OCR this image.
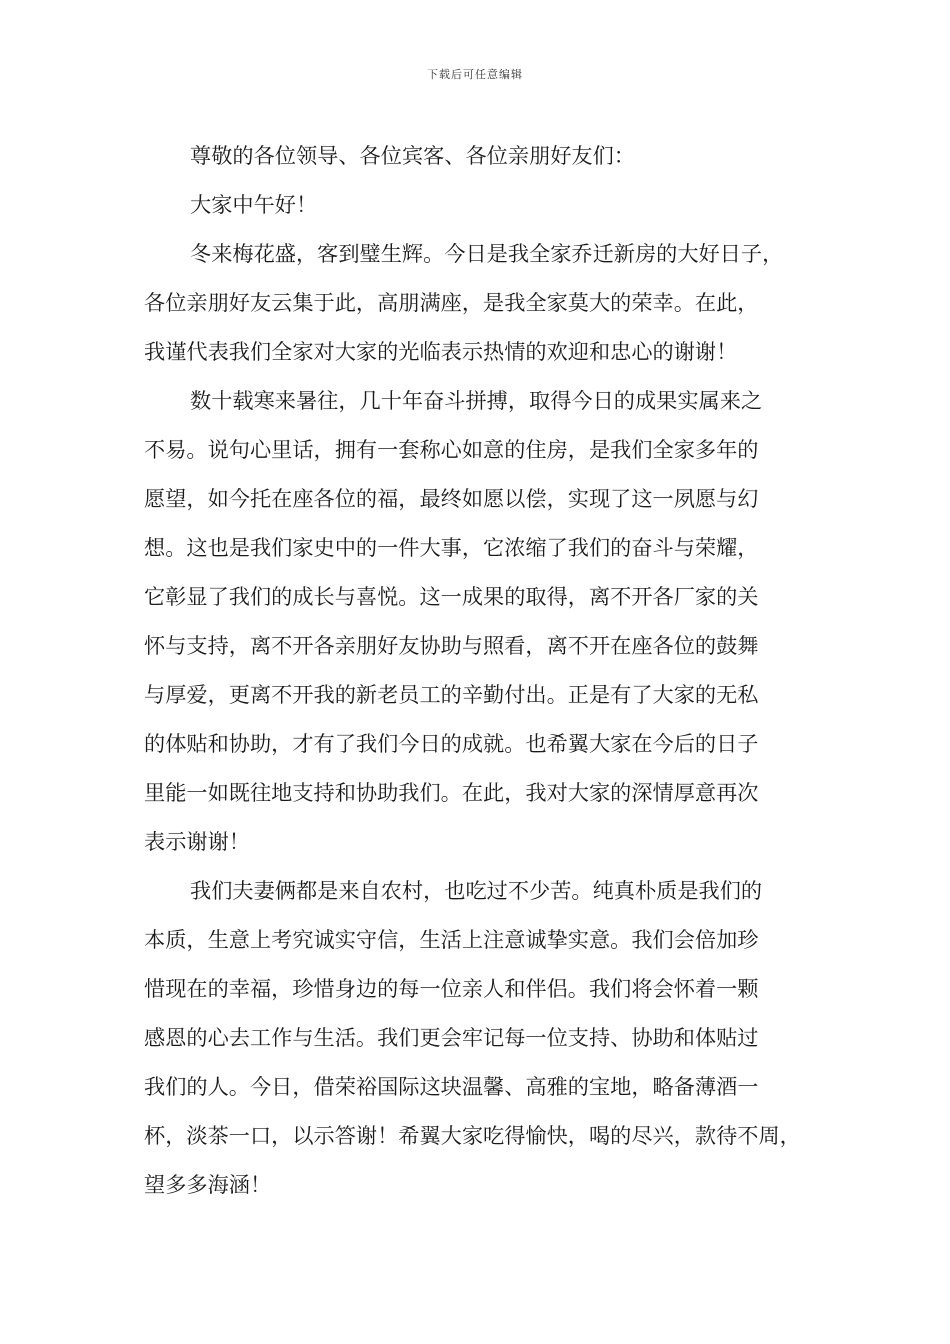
下载后可任意编辑
尊敬的各位领导、各位宾客、各位亲朋好友们：
大家中午好！
冬来梅花盛，客到璧生辉。今日是我全家乔迁新房的大好日子，
各位亲朋好友云集于此，高朋满座，是我全家莫大的荣幸。在此，
我谨代表我们全家对大家的光临表示热情的欢迎和忠心的谢谢！
数十载寒来暑往，几十年奋斗拼搏，取得今日的成果实属来之
不易。说句心里话，拥有一套称心如意的住房，是我们全家多年的
愿望，如今托在座各位的福，最终如愿以偿，实现了这一夙愿与幻
想。这也是我们家史中的一件大事，它浓缩了我们的奋斗与荣耀，
它彰显了我们的成长与喜悦。这一成果的取得，离不开各厂家的关
怀与支持，离不开各亲朋好友协助与照看，离不开在座各位的鼓舞
与厚爱，更离不开我的新老员工的辛勤付出。正是有了大家的无私
的体贴和协助，才有了我们今日的成就。也希翼大家在今后的日子
里能一如既往地支持和协助我们。在此，我对大家的深情厚意再次
表示谢谢！
我们夫妻俩都是来自农村，也吃过不少苦。纯真朴质是我们的
本质，生意上考究诚实守信，生活上注意诚挚实意。我们会倍加珍
惜现在的幸福，珍惜身边的每一位亲人和伴侣。我们将会怀着一颗
感恩的心去工作与生活。我们更会牢记每一位支持、协助和体贴过
我们的人。今日，借荣裕国际这块温馨、高雅的宝地，略备薄酒一
杯，淡茶一口，以示答谢！希翼大家吃得愉快，喝的尽兴，款待不周，
望多多海涵！
